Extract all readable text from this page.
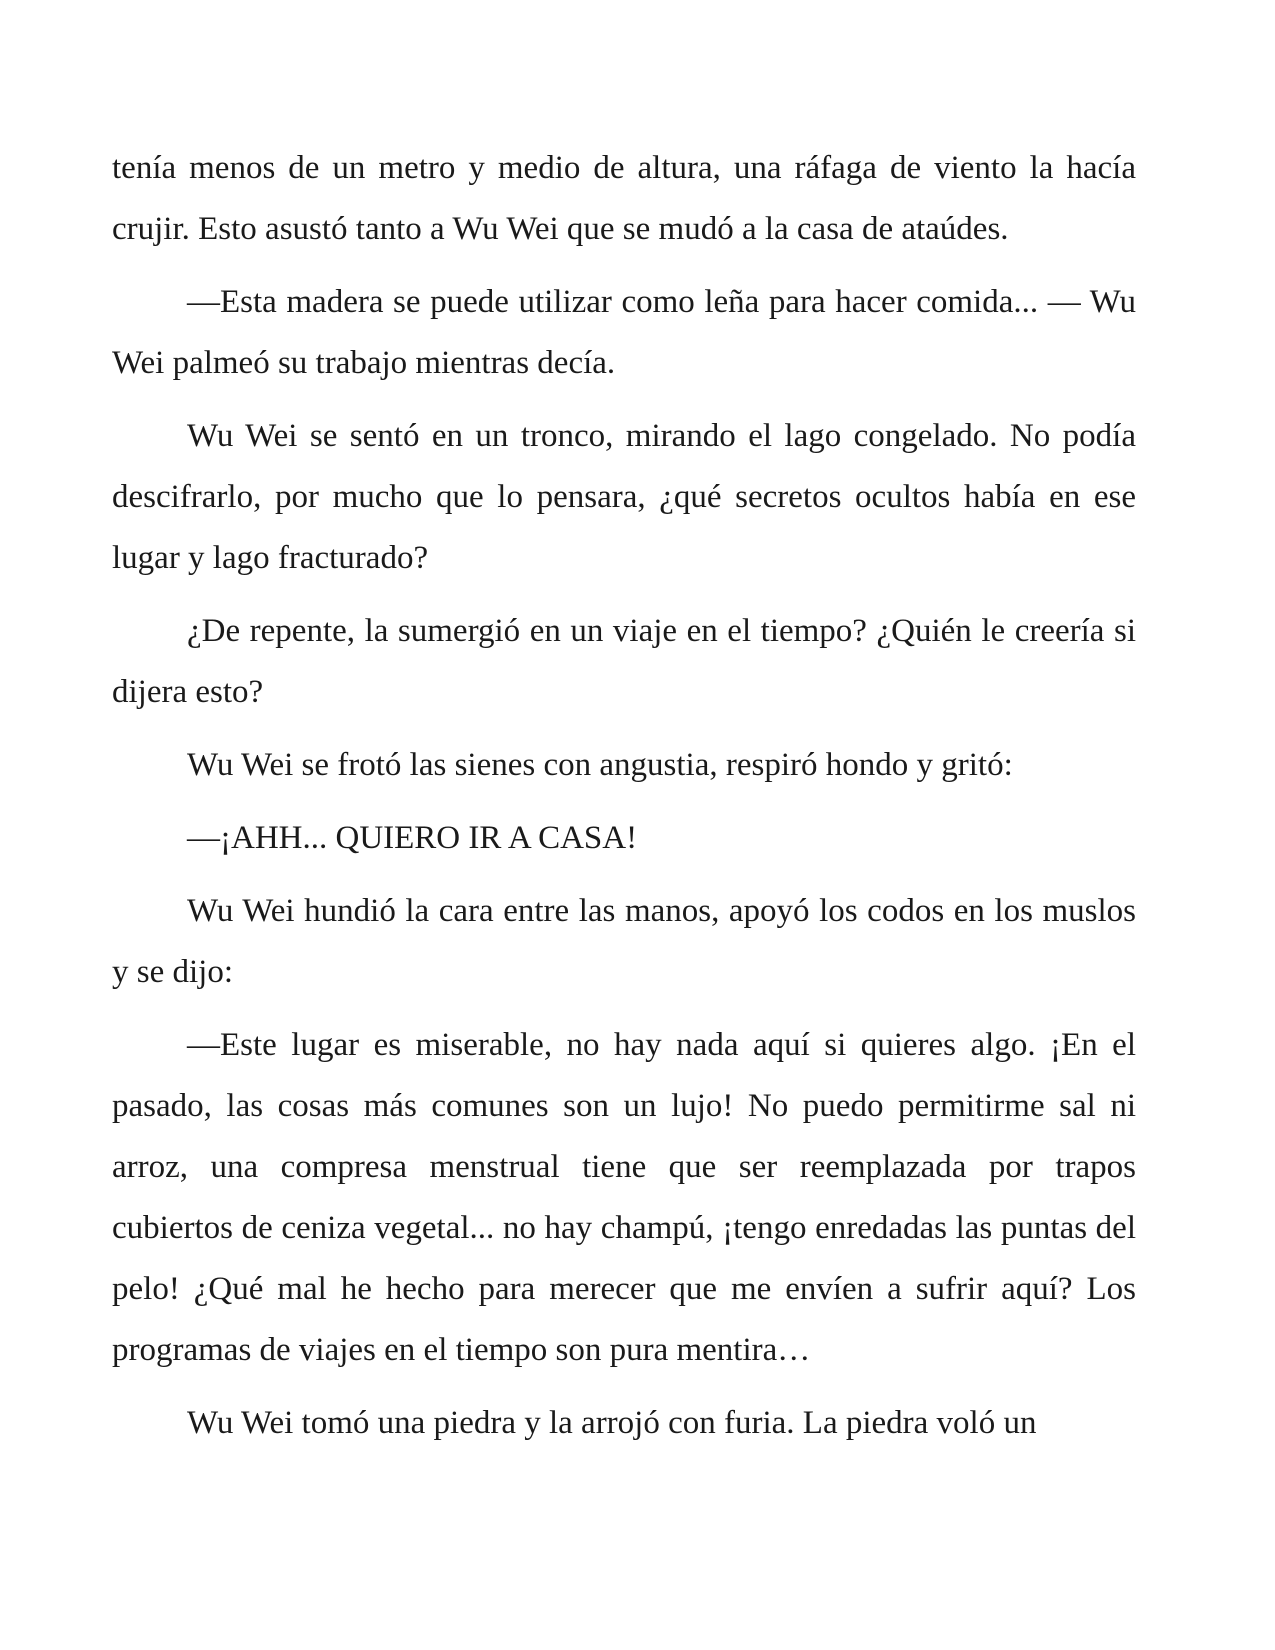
tenía menos de un metro y medio de altura, una ráfaga de viento la hacía crujir. Esto asustó tanto a Wu Wei que se mudó a la casa de ataúdes.

—Esta madera se puede utilizar como leña para hacer comida... — Wu Wei palmeó su trabajo mientras decía.

Wu Wei se sentó en un tronco, mirando el lago congelado. No podía descifrarlo, por mucho que lo pensara, ¿qué secretos ocultos había en ese lugar y lago fracturado?

¿De repente, la sumergió en un viaje en el tiempo? ¿Quién le creería si dijera esto?

Wu Wei se frotó las sienes con angustia, respiró hondo y gritó:

—¡AHH... QUIERO IR A CASA!

Wu Wei hundió la cara entre las manos, apoyó los codos en los muslos y se dijo:

—Este lugar es miserable, no hay nada aquí si quieres algo. ¡En el pasado, las cosas más comunes son un lujo! No puedo permitirme sal ni arroz, una compresa menstrual tiene que ser reemplazada por trapos cubiertos de ceniza vegetal... no hay champú, ¡tengo enredadas las puntas del pelo! ¿Qué mal he hecho para merecer que me envíen a sufrir aquí? Los programas de viajes en el tiempo son pura mentira…

Wu Wei tomó una piedra y la arrojó con furia. La piedra voló un
